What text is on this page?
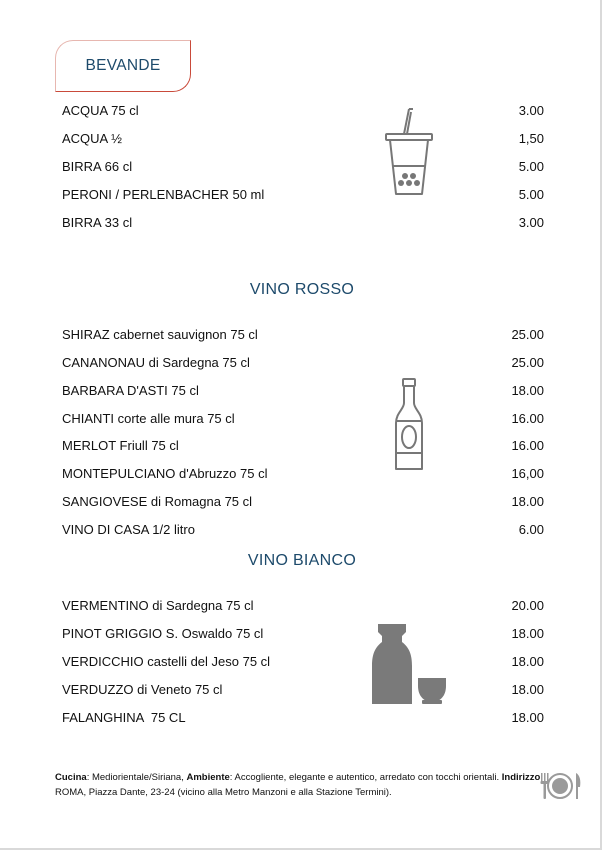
BEVANDE
ACQUA 75 cl	3.00
ACQUA ½	1,50
BIRRA 66 cl	5.00
PERONI / PERLENBACHER 50 ml	5.00
BIRRA 33 cl	3.00
VINO ROSSO
SHIRAZ cabernet sauvignon 75 cl	25.00
CANANONAU di Sardegna 75 cl	25.00
BARBARA D'ASTI 75 cl	18.00
CHIANTI corte alle mura 75 cl	16.00
MERLOT Friull 75 cl	16.00
MONTEPULCIANO d'Abruzzo 75 cl	16,00
SANGIOVESE di Romagna 75 cl	18.00
VINO DI CASA 1/2 litro	6.00
VINO BIANCO
VERMENTINO di Sardegna 75 cl	20.00
PINOT GRIGGIO S. Oswaldo 75 cl	18.00
VERDICCHIO castelli del Jeso 75 cl	18.00
VERDUZZO di Veneto 75 cl	18.00
FALANGHINA  75 CL	18.00
Cucina: Mediorientale/Siriana, Ambiente: Accogliente, elegante e autentico, arredato con tocchi orientali. Indirizzo ROMA, Piazza Dante, 23-24 (vicino alla Metro Manzoni e alla Stazione Termini).
